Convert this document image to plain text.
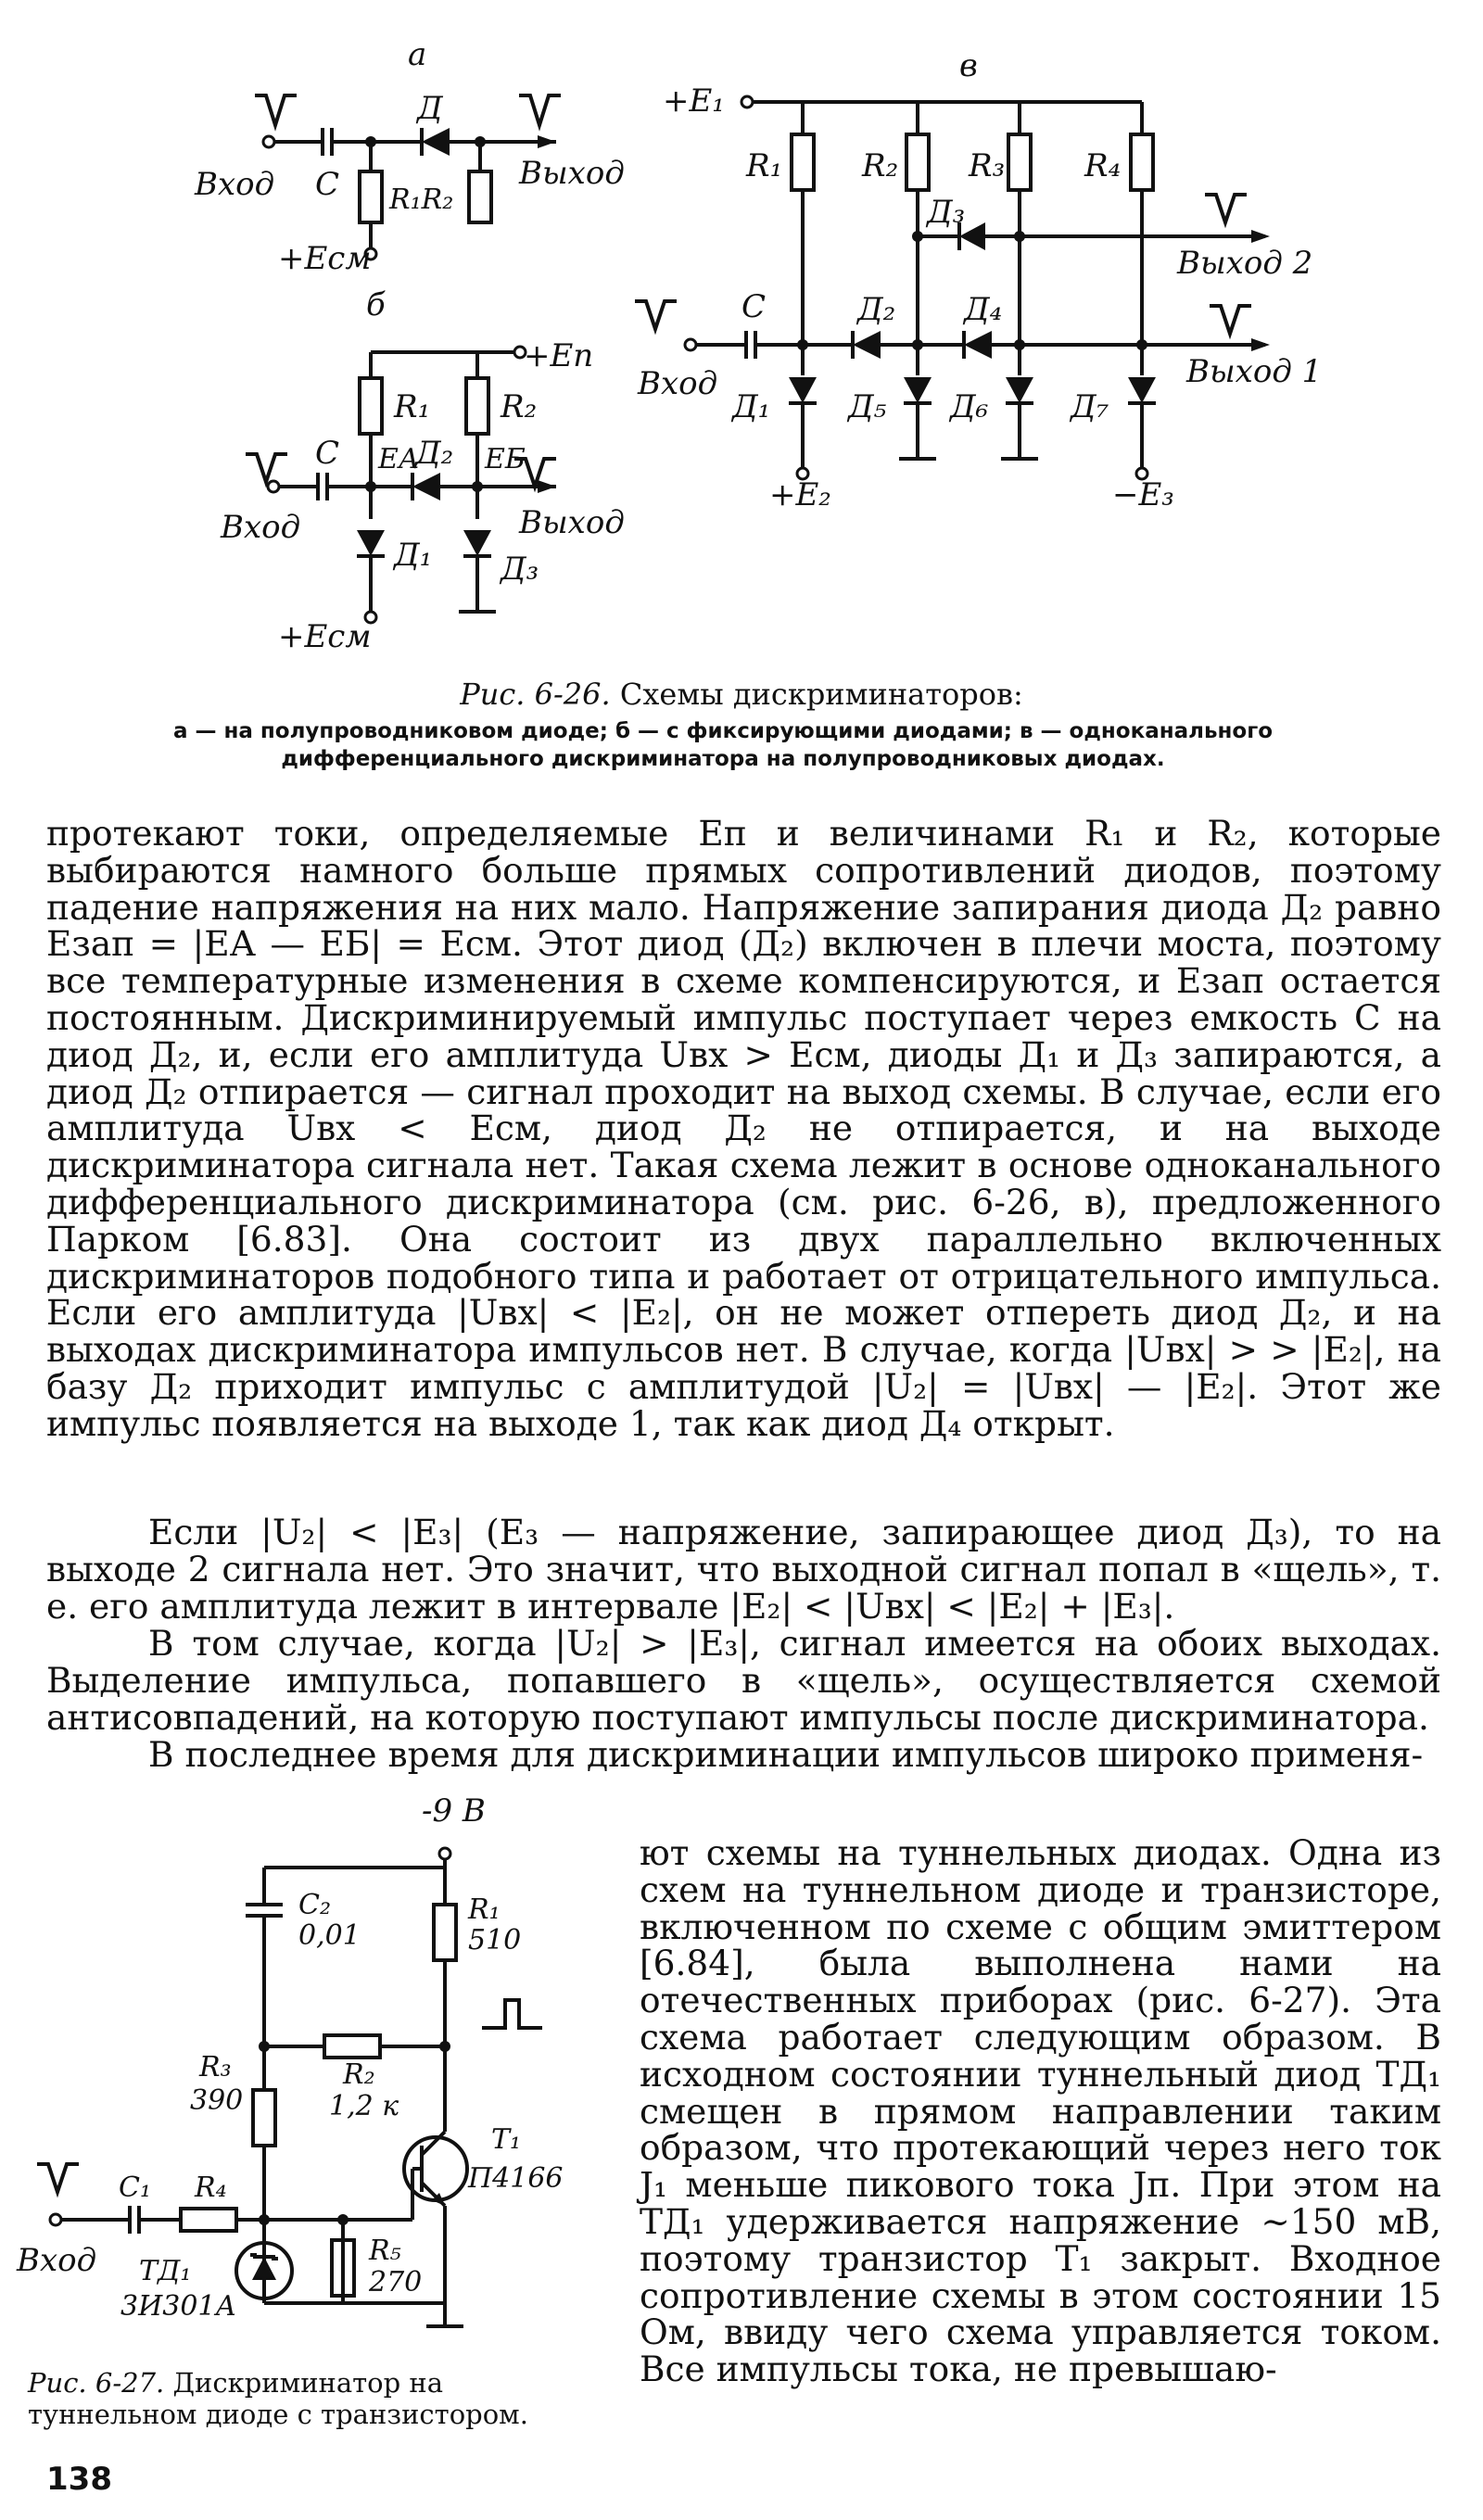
а
б
в
Вход C
Д
R₁R₂
Выход
+Eсм
+Eп
R₁ R₂
C EА
Д₂ EБ
Вход	Выход
Д₁ Д₃
+Eсм
+E₁
R₁	R₂ R₃	R₄
Д₃
Выход 2
C	Д₂ Д₄
Вход	Выход 1
Д₁ Д₅ Д₆	Д₇
+E₂	−E₃
Рис. 6-26. Схемы дискриминаторов:
а — на полупроводниковом диоде; б — с фиксирующими диодами; в — одноканального дифференциального дискриминатора на полупроводниковых диодах.

протекают токи, определяемые Eп и величинами R₁ и R₂, которые выбираются намного больше прямых сопротивлений диодов, поэтому падение напряжения на них мало. Напряжение запирания диода Д₂ равно Eзап = |EА — EБ| = Eсм. Этот диод (Д₂) включен в плечи моста, поэтому все температурные изменения в схеме компенсируются, и Eзап остается постоянным. Дискриминируемый импульс поступает через емкость C на диод Д₂, и, если его амплитуда Uвх > Eсм, диоды Д₁ и Д₃ запираются, а диод Д₂ отпирается — сигнал проходит на выход схемы. В случае, если его амплитуда Uвх < Eсм, диод Д₂ не отпирается, и на выходе дискриминатора сигнала нет. Такая схема лежит в основе одноканального дифференциального дискриминатора (см. рис. 6-26, в), предложенного Парком [6.83]. Она состоит из двух параллельно включенных дискриминаторов подобного типа и работает от отрицательного импульса. Если его амплитуда |Uвх| < |E₂|, он не может отпереть диод Д₂, и на выходах дискриминатора импульсов нет. В случае, когда |Uвх| > > |E₂|, на базу Д₂ приходит импульс с амплитудой |U₂| = |Uвх| — |E₂|. Этот же импульс появляется на выходе 1, так как диод Д₄ открыт.

Если |U₂| < |E₃| (E₃ — напряжение, запирающее диод Д₃), то на выходе 2 сигнала нет. Это значит, что выходной сигнал попал в «щель», т. е. его амплитуда лежит в интервале |E₂| < |Uвх| < |E₂| + |E₃|.

В том случае, когда |U₂| > |E₃|, сигнал имеется на обоих выходах. Выделение импульса, попавшего в «щель», осуществляется схемой антисовпадений, на которую поступают импульсы после дискриминатора.

В последнее время для дискриминации импульсов широко применя-

ют схемы на туннельных диодах. Одна из схем на туннельном диоде и транзисторе, включенном по схеме с общим эмиттером [6.84], была выполнена нами на отечественных приборах (рис. 6-27). Эта схема работает следующим образом. В исходном состоянии туннельный диод ТД₁ смещен в прямом направлении таким образом, что протекающий через него ток J₁ меньше пикового тока Jп. При этом на ТД₁ удерживается напряжение ~150 мВ, поэтому транзистор T₁ закрыт. Входное сопротивление схемы в этом состоянии 15 Ом, ввиду чего схема управляется током. Все импульсы тока, не превышаю-

-9 В
C₂
0,01
R₁
510
R₃
390
R₂
1,2 к
C₁ R₄
Вход ТД₁
3И301А
R₅
270
T₁
П4166
Рис. 6-27. Дискриминатор на туннельном диоде с транзистором.
138
